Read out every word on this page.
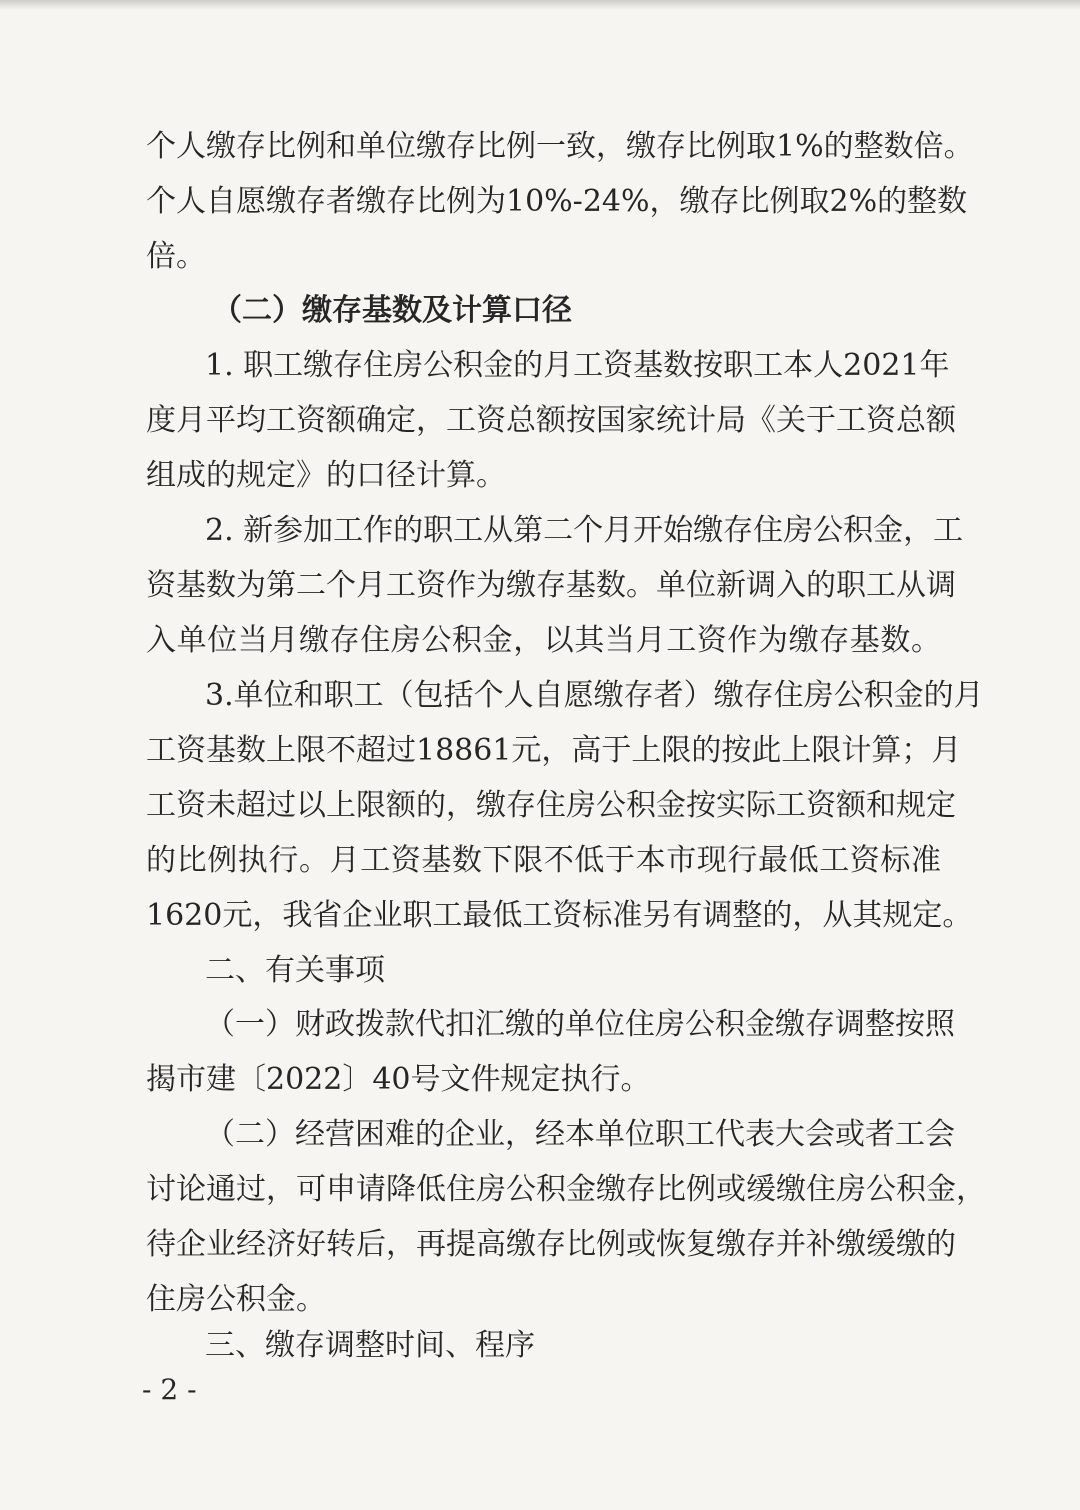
个人缴存比例和单位缴存比例一致，缴存比例取1%的整数倍。
个人自愿缴存者缴存比例为10%-24%，缴存比例取2%的整数
倍。
（二）缴存基数及计算口径
1. 职工缴存住房公积金的月工资基数按职工本人2021年
度月平均工资额确定，工资总额按国家统计局《关于工资总额
组成的规定》的口径计算。
2. 新参加工作的职工从第二个月开始缴存住房公积金，工
资基数为第二个月工资作为缴存基数。单位新调入的职工从调
入单位当月缴存住房公积金，以其当月工资作为缴存基数。
3.单位和职工（包括个人自愿缴存者）缴存住房公积金的月
工资基数上限不超过18861元，高于上限的按此上限计算；月
工资未超过以上限额的，缴存住房公积金按实际工资额和规定
的比例执行。月工资基数下限不低于本市现行最低工资标准
1620元，我省企业职工最低工资标准另有调整的，从其规定。
二、有关事项
（一）财政拨款代扣汇缴的单位住房公积金缴存调整按照
揭市建〔2022〕40号文件规定执行。
（二）经营困难的企业，经本单位职工代表大会或者工会
讨论通过，可申请降低住房公积金缴存比例或缓缴住房公积金，
待企业经济好转后，再提高缴存比例或恢复缴存并补缴缓缴的
住房公积金。
三、缴存调整时间、程序
- 2 -
